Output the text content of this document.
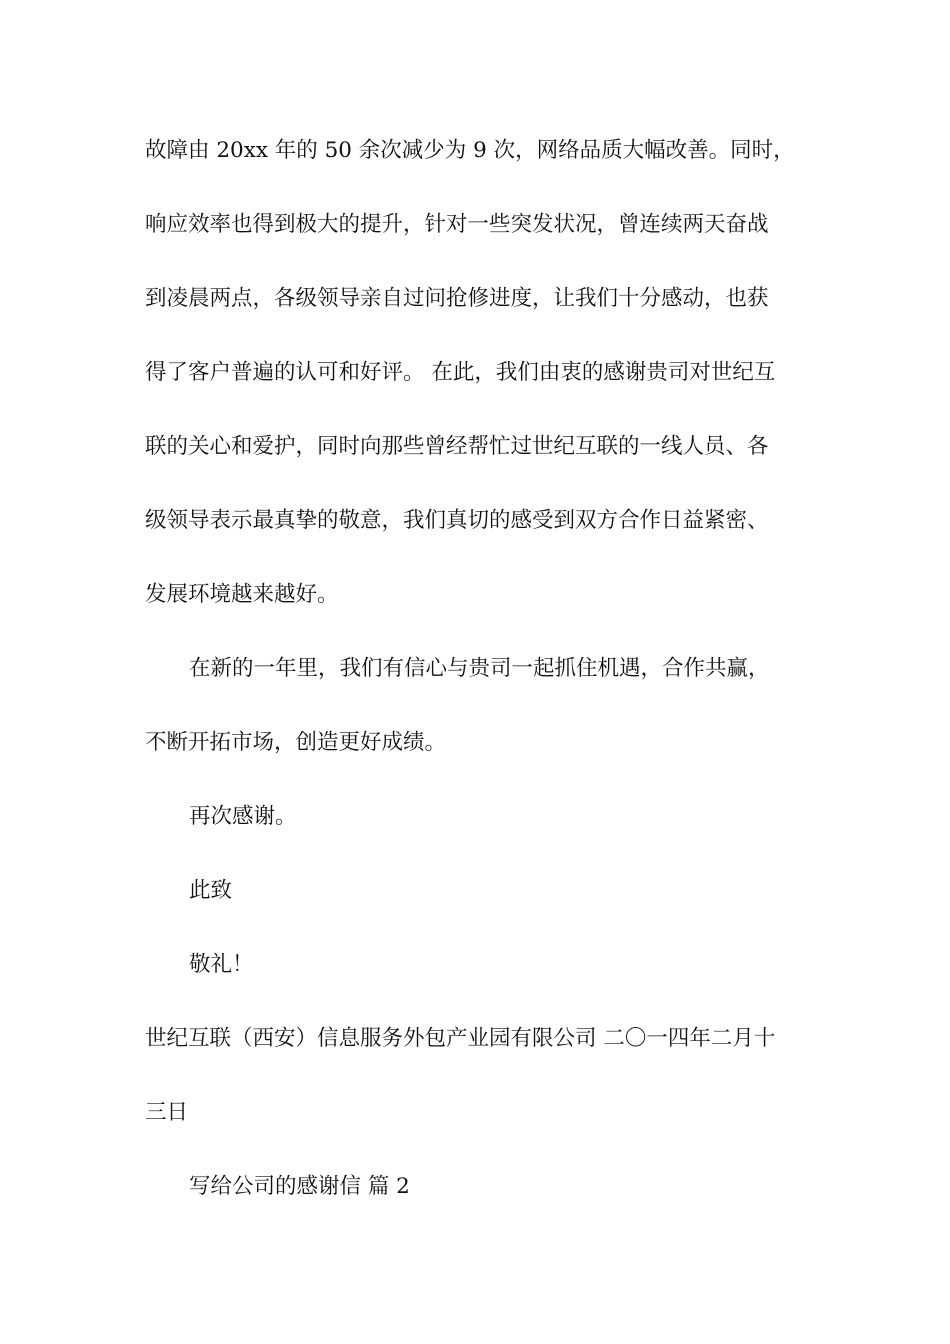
故障由 20xx 年的 50 余次减少为 9 次，网络品质大幅改善。同时，
响应效率也得到极大的提升，针对一些突发状况，曾连续两天奋战
到凌晨两点，各级领导亲自过问抢修进度，让我们十分感动，也获
得了客户普遍的认可和好评。 在此，我们由衷的感谢贵司对世纪互
联的关心和爱护，同时向那些曾经帮忙过世纪互联的一线人员、各
级领导表示最真挚的敬意，我们真切的感受到双方合作日益紧密、
发展环境越来越好。
在新的一年里，我们有信心与贵司一起抓住机遇，合作共赢，
不断开拓市场，创造更好成绩。
再次感谢。
此致
敬礼！
世纪互联（西安）信息服务外包产业园有限公司 二〇一四年二月十
三日
写给公司的感谢信 篇 2
